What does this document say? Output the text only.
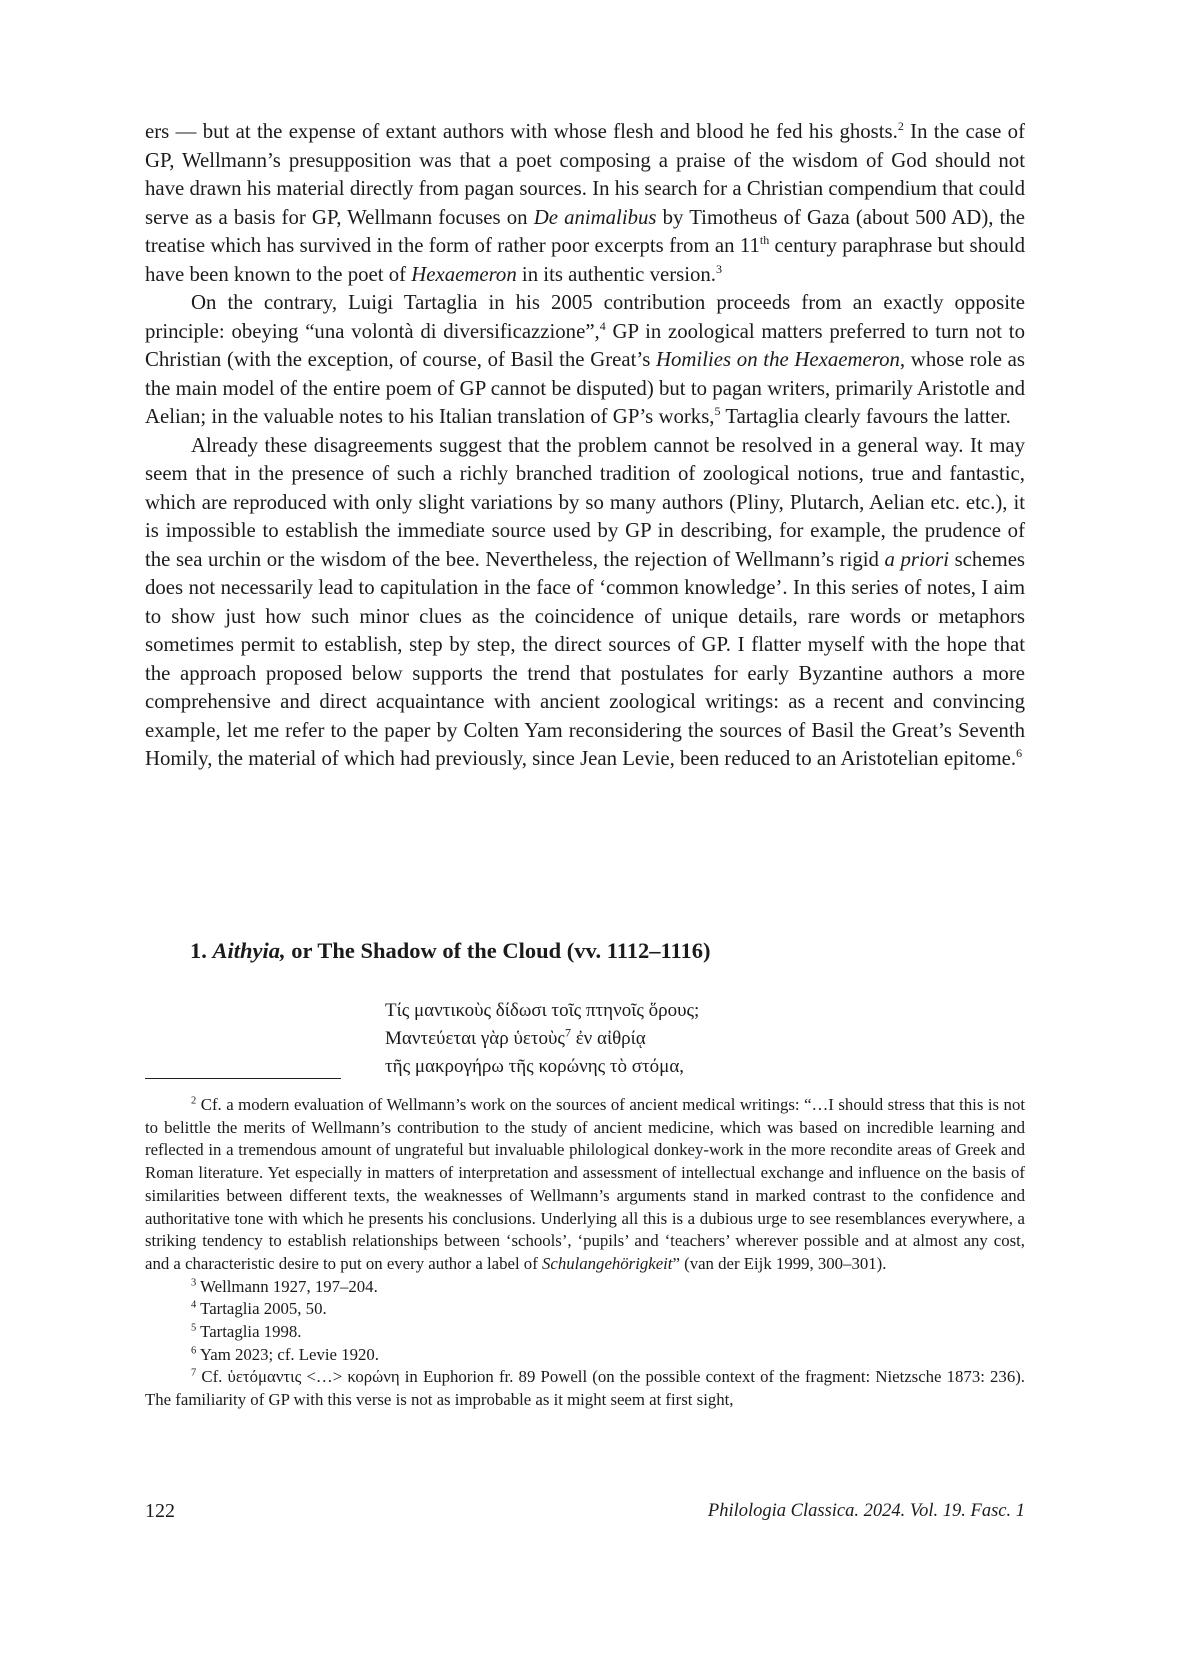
ers — but at the expense of extant authors with whose flesh and blood he fed his ghosts.$^2$ In the case of GP, Wellmann’s presupposition was that a poet composing a praise of the wisdom of God should not have drawn his material directly from pagan sources. In his search for a Christian compendium that could serve as a basis for GP, Wellmann focuses on De animalibus by Timotheus of Gaza (about 500 AD), the treatise which has survived in the form of rather poor excerpts from an 11th century paraphrase but should have been known to the poet of Hexaemeron in its authentic version.$^3$

On the contrary, Luigi Tartaglia in his 2005 contribution proceeds from an exactly opposite principle: obeying “una volontà di diversificazzione”,$^4$ GP in zoological matters preferred to turn not to Christian (with the exception, of course, of Basil the Great’s Homilies on the Hexaemeron, whose role as the main model of the entire poem of GP cannot be disputed) but to pagan writers, primarily Aristotle and Aelian; in the valuable notes to his Italian translation of GP’s works,$^5$ Tartaglia clearly favours the latter.

Already these disagreements suggest that the problem cannot be resolved in a general way. It may seem that in the presence of such a richly branched tradition of zoological notions, true and fantastic, which are reproduced with only slight variations by so many authors (Pliny, Plutarch, Aelian etc. etc.), it is impossible to establish the immediate source used by GP in describing, for example, the prudence of the sea urchin or the wisdom of the bee. Nevertheless, the rejection of Wellmann’s rigid a priori schemes does not necessarily lead to capitulation in the face of ‘common knowledge’. In this series of notes, I aim to show just how such minor clues as the coincidence of unique details, rare words or metaphors sometimes permit to establish, step by step, the direct sources of GP. I flatter myself with the hope that the approach proposed below supports the trend that postulates for early Byzantine authors a more comprehensive and direct acquaintance with ancient zoological writings: as a recent and convincing example, let me refer to the paper by Colten Yam reconsidering the sources of Basil the Great’s Seventh Homily, the material of which had previously, since Jean Levie, been reduced to an Aristotelian epitome.$^6$

1. Aithyia, or The Shadow of the Cloud (vv. 1112–1116)
Τίς μαντικοὺς δίδωσι τοῖς πτηνοῖς ὅρους;
Μαντεύεται γὰρ ὑετοὺς$^7$ ἐν αἰθρίᾳ
τῆς μακρογήρω τῆς κορώνης τὸ στόμα,

$^2$ Cf. a modern evaluation of Wellmann’s work on the sources of ancient medical writings: “…I should stress that this is not to belittle the merits of Wellmann’s contribution to the study of ancient medicine, which was based on incredible learning and reflected in a tremendous amount of ungrateful but invaluable philological donkey-work in the more recondite areas of Greek and Roman literature. Yet especially in matters of interpretation and assessment of intellectual exchange and influence on the basis of similarities between different texts, the weaknesses of Wellmann’s arguments stand in marked contrast to the confidence and authoritative tone with which he presents his conclusions. Underlying all this is a dubious urge to see resemblances everywhere, a striking tendency to establish relationships between ‘schools’, ‘pupils’ and ‘teachers’ wherever possible and at almost any cost, and a characteristic desire to put on every author a label of Schulangehörigkeit” (van der Eijk 1999, 300–301).

$^3$ Wellmann 1927, 197–204.

$^4$ Tartaglia 2005, 50.

$^5$ Tartaglia 1998.

$^6$ Yam 2023; cf. Levie 1920.

$^7$ Cf. ὑετόμαντις <…> κορώνη in Euphorion fr. 89 Powell (on the possible context of the fragment: Nietzsche 1873: 236). The familiarity of GP with this verse is not as improbable as it might seem at first sight,

122	Philologia Classica. 2024. Vol. 19. Fasc. 1
